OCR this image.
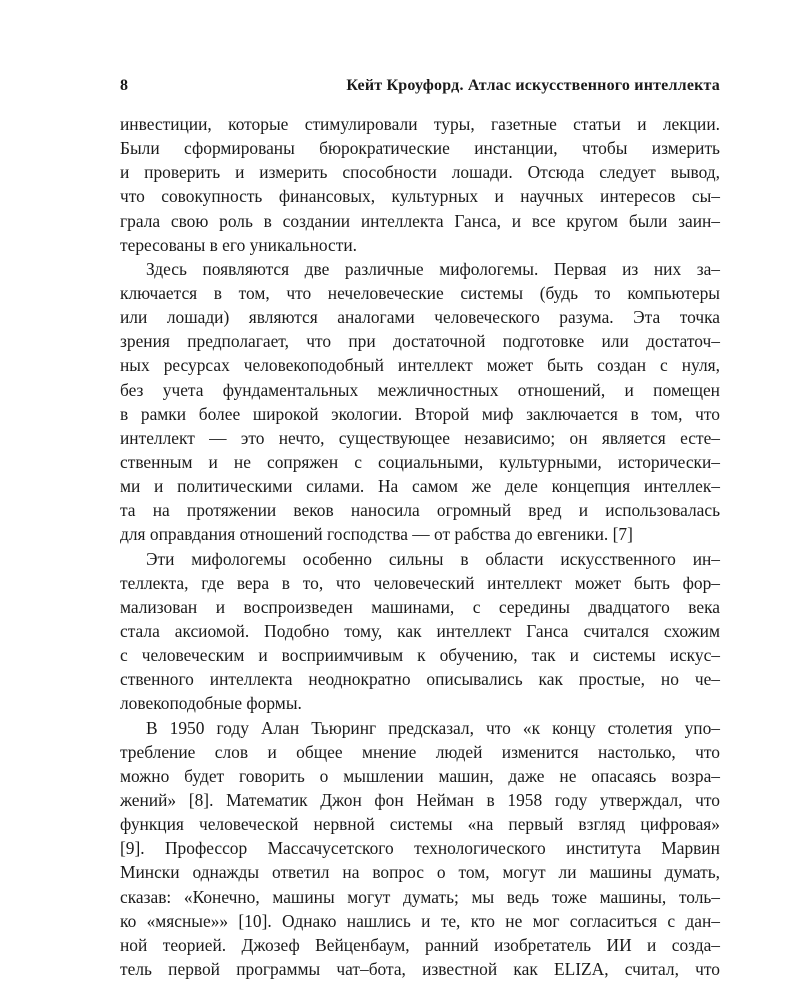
8	Кейт Кроуфорд. Атлас искусственного интеллекта
инвестиции, которые стимулировали туры, газетные статьи и лекции.
Были сформированы бюрократические инстанции, чтобы измерить
и проверить и измерить способности лошади. Отсюда следует вывод,
что совокупность финансовых, культурных и научных интересов сы–
грала свою роль в создании интеллекта Ганса, и все кругом были заин–
тересованы в его уникальности.
Здесь появляются две различные мифологемы. Первая из них за–
ключается в том, что нечеловеческие системы (будь то компьютеры
или лошади) являются аналогами человеческого разума. Эта точка
зрения предполагает, что при достаточной подготовке или достаточ–
ных ресурсах человекоподобный интеллект может быть создан с нуля,
без учета фундаментальных межличностных отношений, и помещен
в рамки более широкой экологии. Второй миф заключается в том, что
интеллект — это нечто, существующее независимо; он является есте–
ственным и не сопряжен с социальными, культурными, исторически–
ми и политическими силами. На самом же деле концепция интеллек–
та на протяжении веков наносила огромный вред и использовалась
для оправдания отношений господства — от рабства до евгеники. [7]
Эти мифологемы особенно сильны в области искусственного ин–
теллекта, где вера в то, что человеческий интеллект может быть фор–
мализован и воспроизведен машинами, с середины двадцатого века
стала аксиомой. Подобно тому, как интеллект Ганса считался схожим
с человеческим и восприимчивым к обучению, так и системы искус–
ственного интеллекта неоднократно описывались как простые, но че–
ловекоподобные формы.
В 1950 году Алан Тьюринг предсказал, что «к концу столетия упо–
требление слов и общее мнение людей изменится настолько, что
можно будет говорить о мышлении машин, даже не опасаясь возра–
жений» [8]. Математик Джон фон Нейман в 1958 году утверждал, что
функция человеческой нервной системы «на первый взгляд цифровая»
[9]. Профессор Массачусетского технологического института Марвин
Мински однажды ответил на вопрос о том, могут ли машины думать,
сказав: «Конечно, машины могут думать; мы ведь тоже машины, толь–
ко «мясные»» [10]. Однако нашлись и те, кто не мог согласиться с дан–
ной теорией. Джозеф Вейценбаум, ранний изобретатель ИИ и созда–
тель первой программы чат–бота, известной как ELIZA, считал, что
